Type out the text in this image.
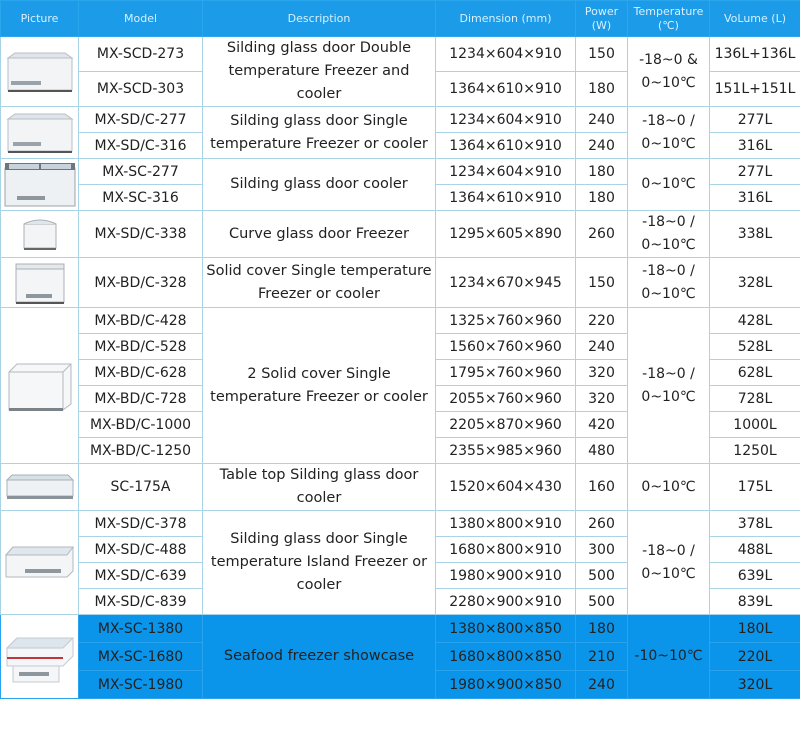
Picture	Model	Description	Dimension (mm)	Power (W)	Temperature (℃)	VoLume (L)

	MX-SCD-273	Silding glass door Double temperature Freezer and cooler	1234×604×910	150	-18~0 & 0~10℃	136L+136L
	MX-SCD-303		1364×610×910	180		151L+151L

	MX-SD/C-277	Silding glass door Single temperature Freezer or cooler	1234×604×910	240	-18~0 / 0~10℃	277L
	MX-SD/C-316		1364×610×910	240		316L

	MX-SC-277	Silding glass door cooler	1234×604×910	180	0~10℃	277L
	MX-SC-316		1364×610×910	180		316L

	MX-SD/C-338	Curve glass door Freezer	1295×605×890	260	-18~0 / 0~10℃	338L

	MX-BD/C-328	Solid cover Single temperature Freezer or cooler	1234×670×945	150	-18~0 / 0~10℃	328L

	MX-BD/C-428	2 Solid cover Single temperature Freezer or cooler	1325×760×960	220	-18~0 / 0~10℃	428L
	MX-BD/C-528		1560×760×960	240		528L
	MX-BD/C-628		1795×760×960	320		628L
	MX-BD/C-728		2055×760×960	320		728L
	MX-BD/C-1000		2205×870×960	420		1000L
	MX-BD/C-1250		2355×985×960	480		1250L

	SC-175A	Table top Silding glass door cooler	1520×604×430	160	0~10℃	175L

	MX-SD/C-378	Silding glass door Single temperature Island Freezer or cooler	1380×800×910	260	-18~0 / 0~10℃	378L
	MX-SD/C-488		1680×800×910	300		488L
	MX-SD/C-639		1980×900×910	500		639L
	MX-SD/C-839		2280×900×910	500		839L

	MX-SC-1380	Seafood freezer showcase	1380×800×850	180	-10~10℃	180L
	MX-SC-1680		1680×800×850	210		220L
	MX-SC-1980		1980×900×850	240		320L
